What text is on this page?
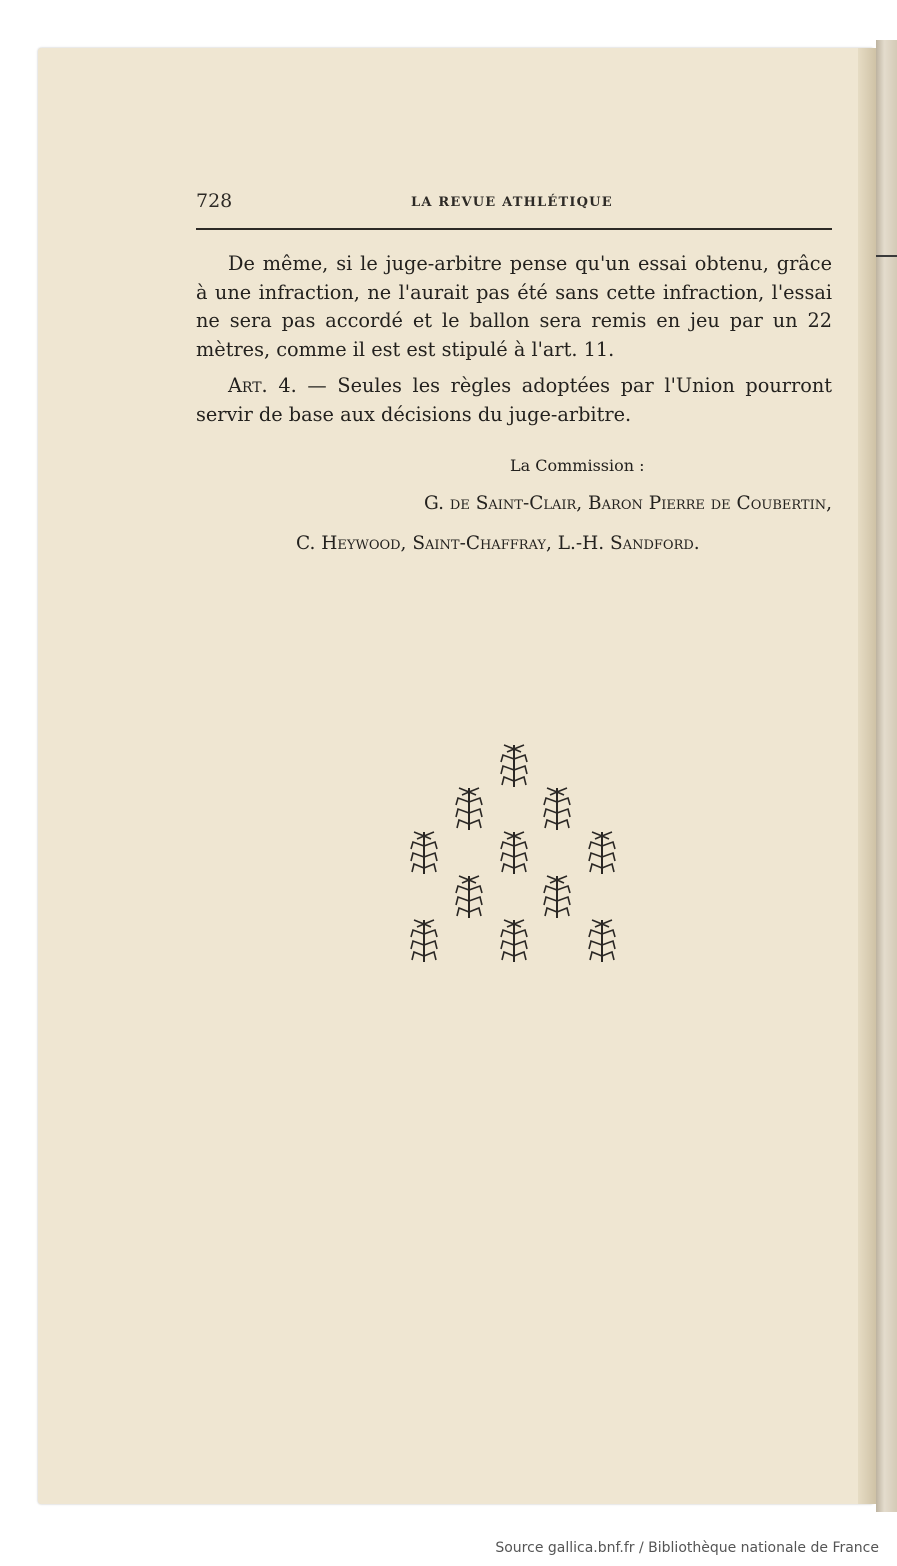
728	LA REVUE ATHLÉTIQUE
De même, si le juge-arbitre pense qu'un essai obtenu, grâce à une infraction, ne l'aurait pas été sans cette infraction, l'essai ne sera pas accordé et le ballon sera remis en jeu par un 22 mètres, comme il est est stipulé à l'art. 11.
Art. 4. — Seules les règles adoptées par l'Union pourront servir de base aux décisions du juge-arbitre.
La Commission :
G. de Saint-Clair, Baron Pierre de Coubertin,
C. Heywood, Saint-Chaffray, L.-H. Sandford.
Source gallica.bnf.fr / Bibliothèque nationale de France
